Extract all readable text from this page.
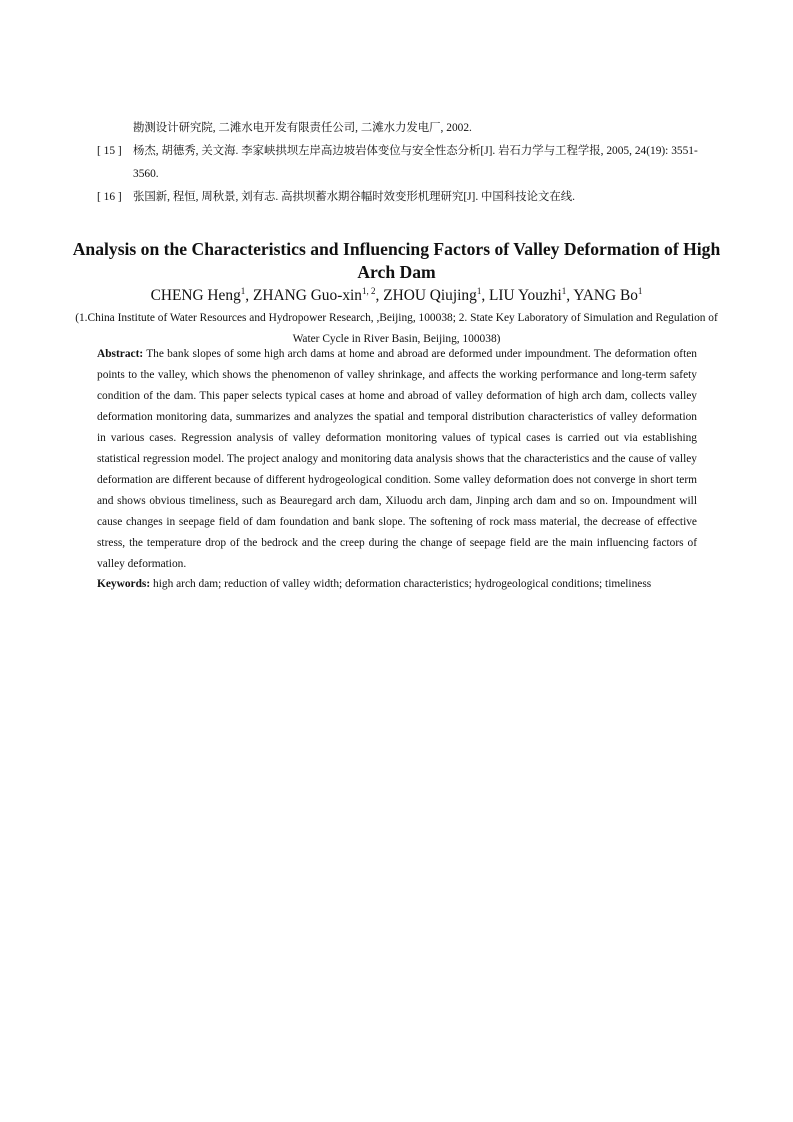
勘测设计研究院, 二滩水电开发有限责任公司, 二滩水力发电厂, 2002.
[ 15 ] 杨杰, 胡德秀, 关文海. 李家峡拱坝左岸高边坡岩体变位与安全性态分析[J]. 岩石力学与工程学报, 2005, 24(19): 3551-3560.
[ 16 ] 张国新, 程恒, 周秋景, 刘有志. 高拱坝蓄水期谷幅时效变形机理研究[J]. 中国科技论文在线.
Analysis on the Characteristics and Influencing Factors of Valley Deformation of High Arch Dam
CHENG Heng$^1$, ZHANG Guo-xin$^{1, 2}$, ZHOU Qiujing$^1$, LIU Youzhi$^1$, YANG Bo$^1$
(1.China Institute of Water Resources and Hydropower Research, ,Beijing, 100038; 2. State Key Laboratory of Simulation and Regulation of Water Cycle in River Basin, Beijing, 100038)
Abstract: The bank slopes of some high arch dams at home and abroad are deformed under impoundment. The deformation often points to the valley, which shows the phenomenon of valley shrinkage, and affects the working performance and long-term safety condition of the dam. This paper selects typical cases at home and abroad of valley deformation of high arch dam, collects valley deformation monitoring data, summarizes and analyzes the spatial and temporal distribution characteristics of valley deformation in various cases. Regression analysis of valley deformation monitoring values of typical cases is carried out via establishing statistical regression model. The project analogy and monitoring data analysis shows that the characteristics and the cause of valley deformation are different because of different hydrogeological condition. Some valley deformation does not converge in short term and shows obvious timeliness, such as Beauregard arch dam, Xiluodu arch dam, Jinping arch dam and so on. Impoundment will cause changes in seepage field of dam foundation and bank slope. The softening of rock mass material, the decrease of effective stress, the temperature drop of the bedrock and the creep during the change of seepage field are the main influencing factors of valley deformation.
Keywords: high arch dam; reduction of valley width; deformation characteristics; hydrogeological conditions; timeliness
